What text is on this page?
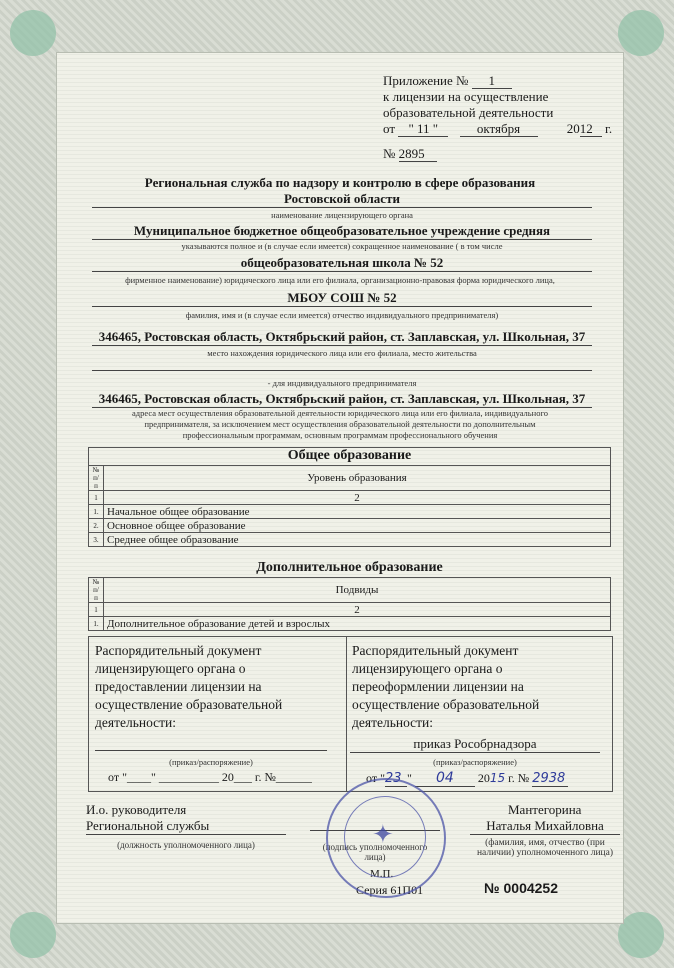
Приложение № 1
к лицензии на осуществление
образовательной деятельности
от " 11 "	октября	2012 г.
№ 2895
Региональная служба по надзору и контролю в сфере образования
Ростовской области
наименование лицензирующего органа
Муниципальное бюджетное общеобразовательное учреждение средняя
указываются полное и (в случае если имеется) сокращенное наименование ( в том числе
общеобразовательная школа № 52
фирменное наименование) юридического лица или его филиала, организационно-правовая форма юридического лица,
МБОУ СОШ № 52
фамилия, имя и (в случае если имеется) отчество индивидуального предпринимателя)
346465, Ростовская область, Октябрьский район, ст. Заплавская, ул. Школьная, 37
место нахождения юридического лица или его филиала, место жительства
- для индивидуального предпринимателя
346465, Ростовская область, Октябрьский район, ст. Заплавская, ул. Школьная, 37
адреса мест осуществления образовательной деятельности юридического лица или его филиала, индивидуального
предпринимателя, за исключением мест осуществления образовательной деятельности по дополнительным
профессиональным программам, основным программам профессионального обучения
Общее образование
№ п/п	Уровень образования
1	2
1.	Начальное общее образование
2.	Основное общее образование
3.	Среднее общее образование
Дополнительное образование
№ п/п	Подвиды
1	2
1.	Дополнительное образование детей и взрослых
Распорядительный документ лицензирующего органа о предоставлении лицензии на осуществление образовательной деятельности:
(приказ/распоряжение)
от "____" __________ 20___ г. №______
Распорядительный документ лицензирующего органа о переоформлении лицензии на осуществление образовательной деятельности:
приказ Рособрнадзора
(приказ/распоряжение)
от "23 " 04 2015 г. № 2938
И.о. руководителя
Региональной службы
(должность уполномоченного лица)	(подпись уполномоченного лица)
М.П.
Мантегорина
Наталья Михайловна
(фамилия, имя, отчество (при наличии) уполномоченного лица)
Серия 61П01	№ 0004252
✦
